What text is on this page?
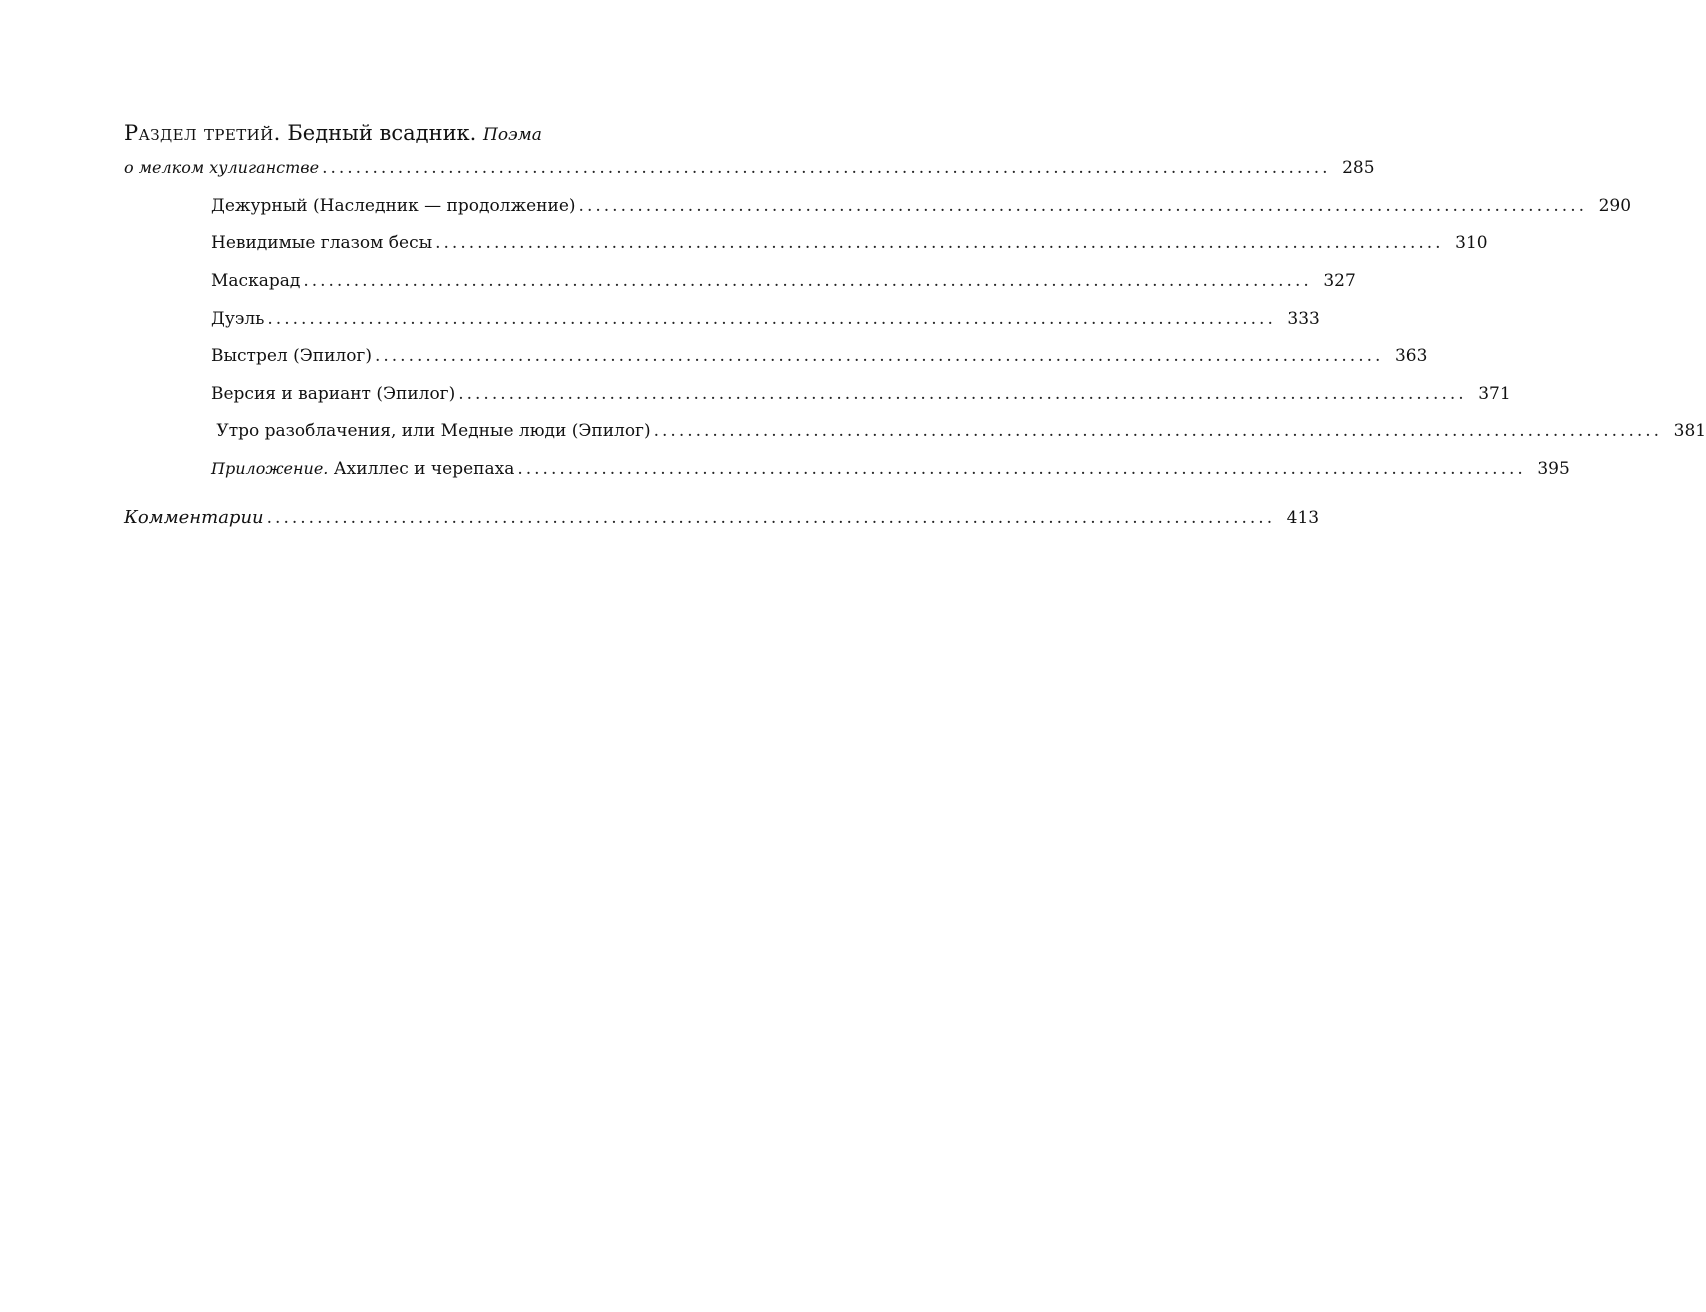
Раздел третий. Бедный всадник. Поэма
о мелком хулиганстве ........................................................................................................................ 285
Дежурный (Наследник — продолжение) ........................................................................................................................ 290
Невидимые глазом бесы ........................................................................................................................ 310
Маскарад ........................................................................................................................ 327
Дуэль ........................................................................................................................ 333
Выстрел (Эпилог) ........................................................................................................................ 363
Версия и вариант (Эпилог) ........................................................................................................................ 371
Утро разоблачения, или Медные люди (Эпилог) ........................................................................................................................ 381
Приложение. Ахиллес и черепаха ........................................................................................................................ 395
Комментарии ........................................................................................................................ 413
